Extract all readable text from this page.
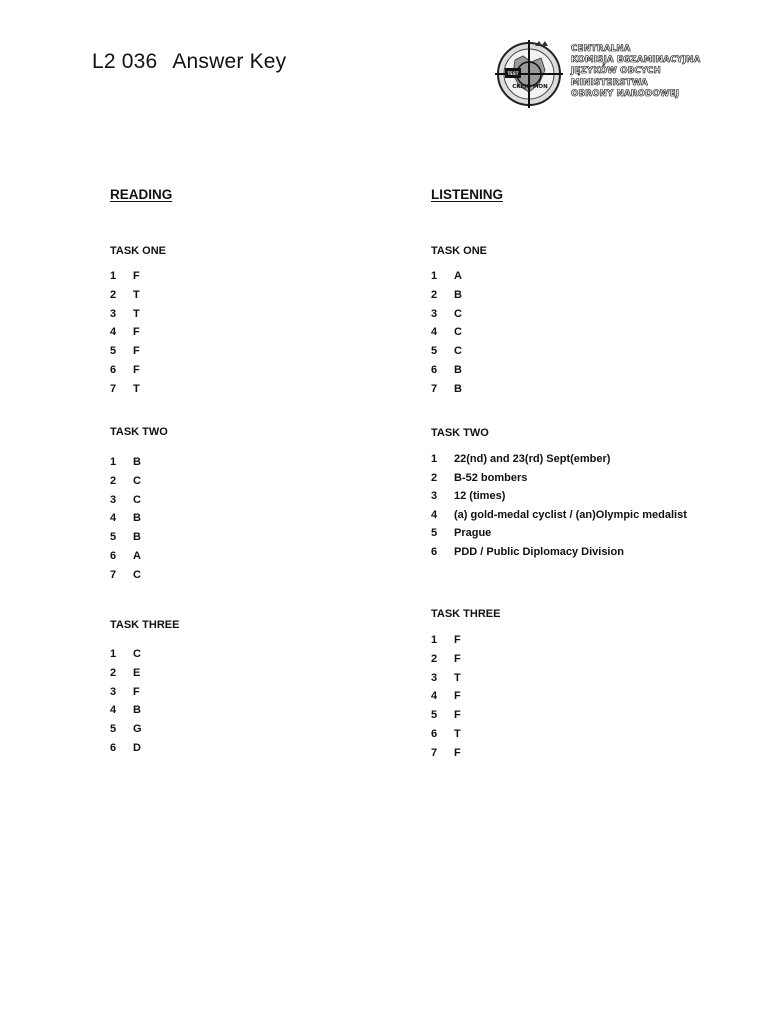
L2 036 Answer Key
CKEJO MON
TEST
CENTRALNA
KOMISJA EGZAMINACYJNA
JĘZYKÓW OBCYCH
MINISTERSTWA
OBRONY NARODOWEJ
READING
TASK ONE
1 F
2 T
3 T
4 F
5 F
6 F
7 T
TASK TWO
1 B
2 C
3 C
4 B
5 B
6 A
7 C
TASK THREE
1 C
2 E
3 F
4 B
5 G
6 D
LISTENING
TASK ONE
1 A
2 B
3 C
4 C
5 C
6 B
7 B
TASK TWO
1 22(nd) and 23(rd) Sept(ember)
2 B-52 bombers
3 12 (times)
4 (a) gold-medal cyclist / (an)Olympic medalist
5 Prague
6 PDD / Public Diplomacy Division
TASK THREE
1 F
2 F
3 T
4 F
5 F
6 T
7 F
